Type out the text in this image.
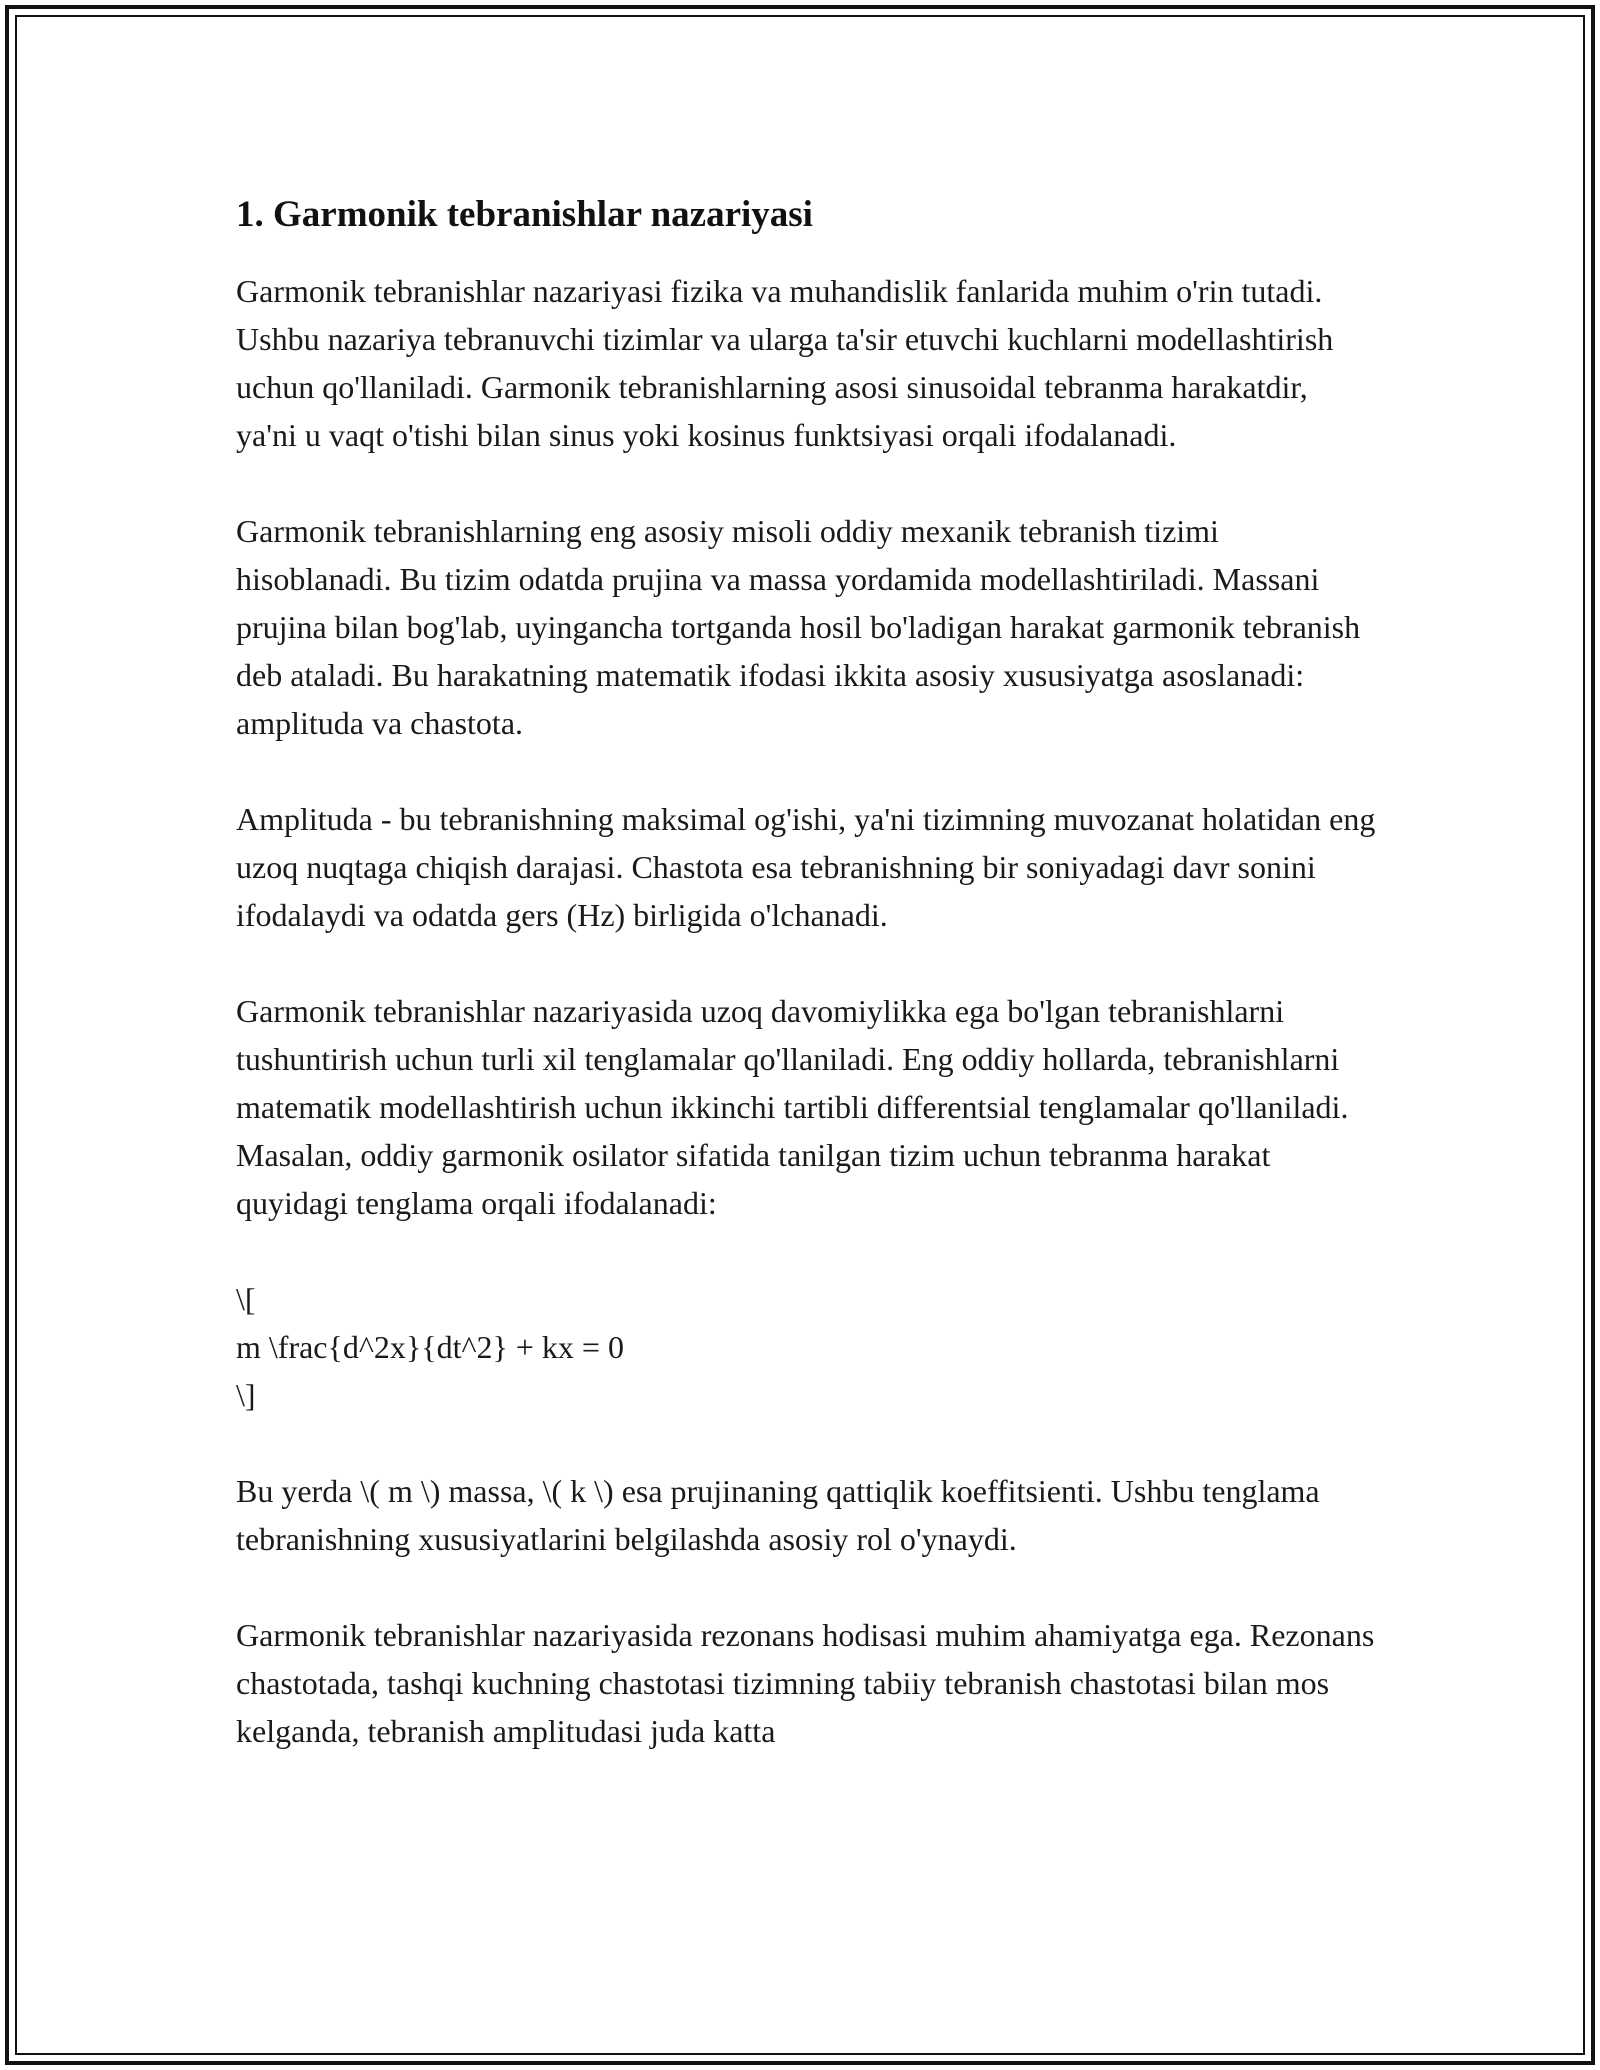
1. Garmonik tebranishlar nazariyasi

Garmonik tebranishlar nazariyasi fizika va muhandislik fanlarida muhim o'rin tutadi. Ushbu nazariya tebranuvchi tizimlar va ularga ta'sir etuvchi kuchlarni modellashtirish uchun qo'llaniladi. Garmonik tebranishlarning asosi sinusoidal tebranma harakatdir, ya'ni u vaqt o'tishi bilan sinus yoki kosinus funktsiyasi orqali ifodalanadi.

Garmonik tebranishlarning eng asosiy misoli oddiy mexanik tebranish tizimi hisoblanadi. Bu tizim odatda prujina va massa yordamida modellashtiriladi. Massani prujina bilan bog'lab, uyingancha tortganda hosil bo'ladigan harakat garmonik tebranish deb ataladi. Bu harakatning matematik ifodasi ikkita asosiy xususiyatga asoslanadi: amplituda va chastota.

Amplituda - bu tebranishning maksimal og'ishi, ya'ni tizimning muvozanat holatidan eng uzoq nuqtaga chiqish darajasi. Chastota esa tebranishning bir soniyadagi davr sonini ifodalaydi va odatda gers (Hz) birligida o'lchanadi.

Garmonik tebranishlar nazariyasida uzoq davomiylikka ega bo'lgan tebranishlarni tushuntirish uchun turli xil tenglamalar qo'llaniladi. Eng oddiy hollarda, tebranishlarni matematik modellashtirish uchun ikkinchi tartibli differentsial tenglamalar qo'llaniladi. Masalan, oddiy garmonik osilator sifatida tanilgan tizim uchun tebranma harakat quyidagi tenglama orqali ifodalanadi:

\[
m \frac{d^2x}{dt^2} + kx = 0
\]

Bu yerda \( m \) massa, \( k \) esa prujinaning qattiqlik koeffitsienti. Ushbu tenglama tebranishning xususiyatlarini belgilashda asosiy rol o'ynaydi.

Garmonik tebranishlar nazariyasida rezonans hodisasi muhim ahamiyatga ega. Rezonans chastotada, tashqi kuchning chastotasi tizimning tabiiy tebranish chastotasi bilan mos kelganda, tebranish amplitudasi juda katta
